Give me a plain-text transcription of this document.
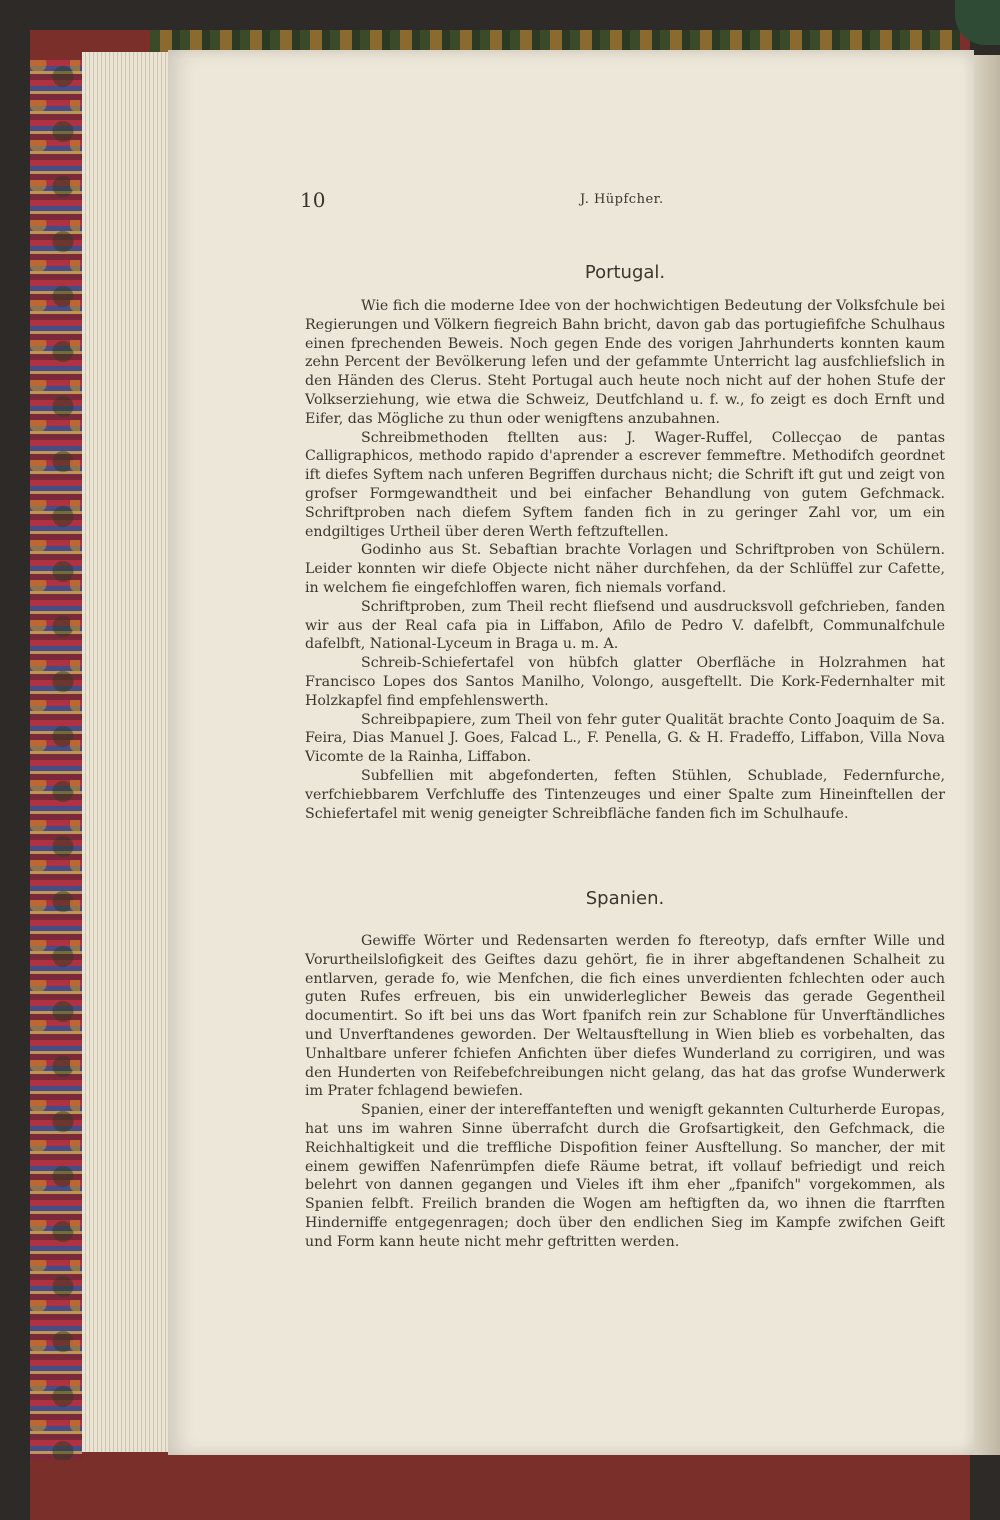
10	J. Hüpfcher.
Portugal.

Wie fich die moderne Idee von der hochwichtigen Bedeutung der Volksfchule bei Regierungen und Völkern fiegreich Bahn bricht, davon gab das portugiefifche Schulhaus einen fprechenden Beweis. Noch gegen Ende des vorigen Jahrhunderts konnten kaum zehn Percent der Bevölkerung lefen und der gefammte Unterricht lag ausfchliefslich in den Händen des Clerus. Steht Portugal auch heute noch nicht auf der hohen Stufe der Volkserziehung, wie etwa die Schweiz, Deutfchland u. f. w., fo zeigt es doch Ernft und Eifer, das Mögliche zu thun oder wenigftens anzubahnen.

Schreibmethoden ftellten aus: J. Wager-Ruffel, Collecçao de pantas Calligraphicos, methodo rapido d'aprender a escrever femmeftre. Methodifch geordnet ift diefes Syftem nach unferen Begriffen durchaus nicht; die Schrift ift gut und zeigt von grofser Formgewandtheit und bei einfacher Behandlung von gutem Gefchmack. Schriftproben nach diefem Syftem fanden fich in zu geringer Zahl vor, um ein endgiltiges Urtheil über deren Werth feftzuftellen.

Godinho aus St. Sebaftian brachte Vorlagen und Schriftproben von Schülern. Leider konnten wir diefe Objecte nicht näher durchfehen, da der Schlüffel zur Cafette, in welchem fie eingefchloffen waren, fich niemals vorfand.

Schriftproben, zum Theil recht fliefsend und ausdrucksvoll gefchrieben, fanden wir aus der Real cafa pia in Liffabon, Afilo de Pedro V. dafelbft, Communalfchule dafelbft, National-Lyceum in Braga u. m. A.

Schreib-Schiefertafel von hübfch glatter Oberfläche in Holzrahmen hat Francisco Lopes dos Santos Manilho, Volongo, ausgeftellt. Die Kork-Federnhalter mit Holzkapfel find empfehlenswerth.

Schreibpapiere, zum Theil von fehr guter Qualität brachte Conto Joaquim de Sa. Feira, Dias Manuel J. Goes, Falcad L., F. Penella, G. & H. Fradeffo, Liffabon, Villa Nova Vicomte de la Rainha, Liffabon.

Subfellien mit abgefonderten, feften Stühlen, Schublade, Federnfurche, verfchiebbarem Verfchluffe des Tintenzeuges und einer Spalte zum Hineinftellen der Schiefertafel mit wenig geneigter Schreibfläche fanden fich im Schulhaufe.

Spanien.

Gewiffe Wörter und Redensarten werden fo ftereotyp, dafs ernfter Wille und Vorurtheilslofigkeit des Geiftes dazu gehört, fie in ihrer abgeftandenen Schalheit zu entlarven, gerade fo, wie Menfchen, die fich eines unverdienten fchlechten oder auch guten Rufes erfreuen, bis ein unwiderleglicher Beweis das gerade Gegentheil documentirt. So ift bei uns das Wort fpanifch rein zur Schablone für Unverftändliches und Unverftandenes geworden. Der Weltausftellung in Wien blieb es vorbehalten, das Unhaltbare unferer fchiefen Anfichten über diefes Wunderland zu corrigiren, und was den Hunderten von Reifebefchreibungen nicht gelang, das hat das grofse Wunderwerk im Prater fchlagend bewiefen.

Spanien, einer der intereffanteften und wenigft gekannten Culturherde Europas, hat uns im wahren Sinne überrafcht durch die Grofsartigkeit, den Gefchmack, die Reichhaltigkeit und die treffliche Dispofition feiner Ausftellung. So mancher, der mit einem gewiffen Nafenrümpfen diefe Räume betrat, ift vollauf befriedigt und reich belehrt von dannen gegangen und Vieles ift ihm eher „fpanifch" vorgekommen, als Spanien felbft. Freilich branden die Wogen am heftigften da, wo ihnen die ftarrften Hinderniffe entgegenragen; doch über den endlichen Sieg im Kampfe zwifchen Geift und Form kann heute nicht mehr geftritten werden.
